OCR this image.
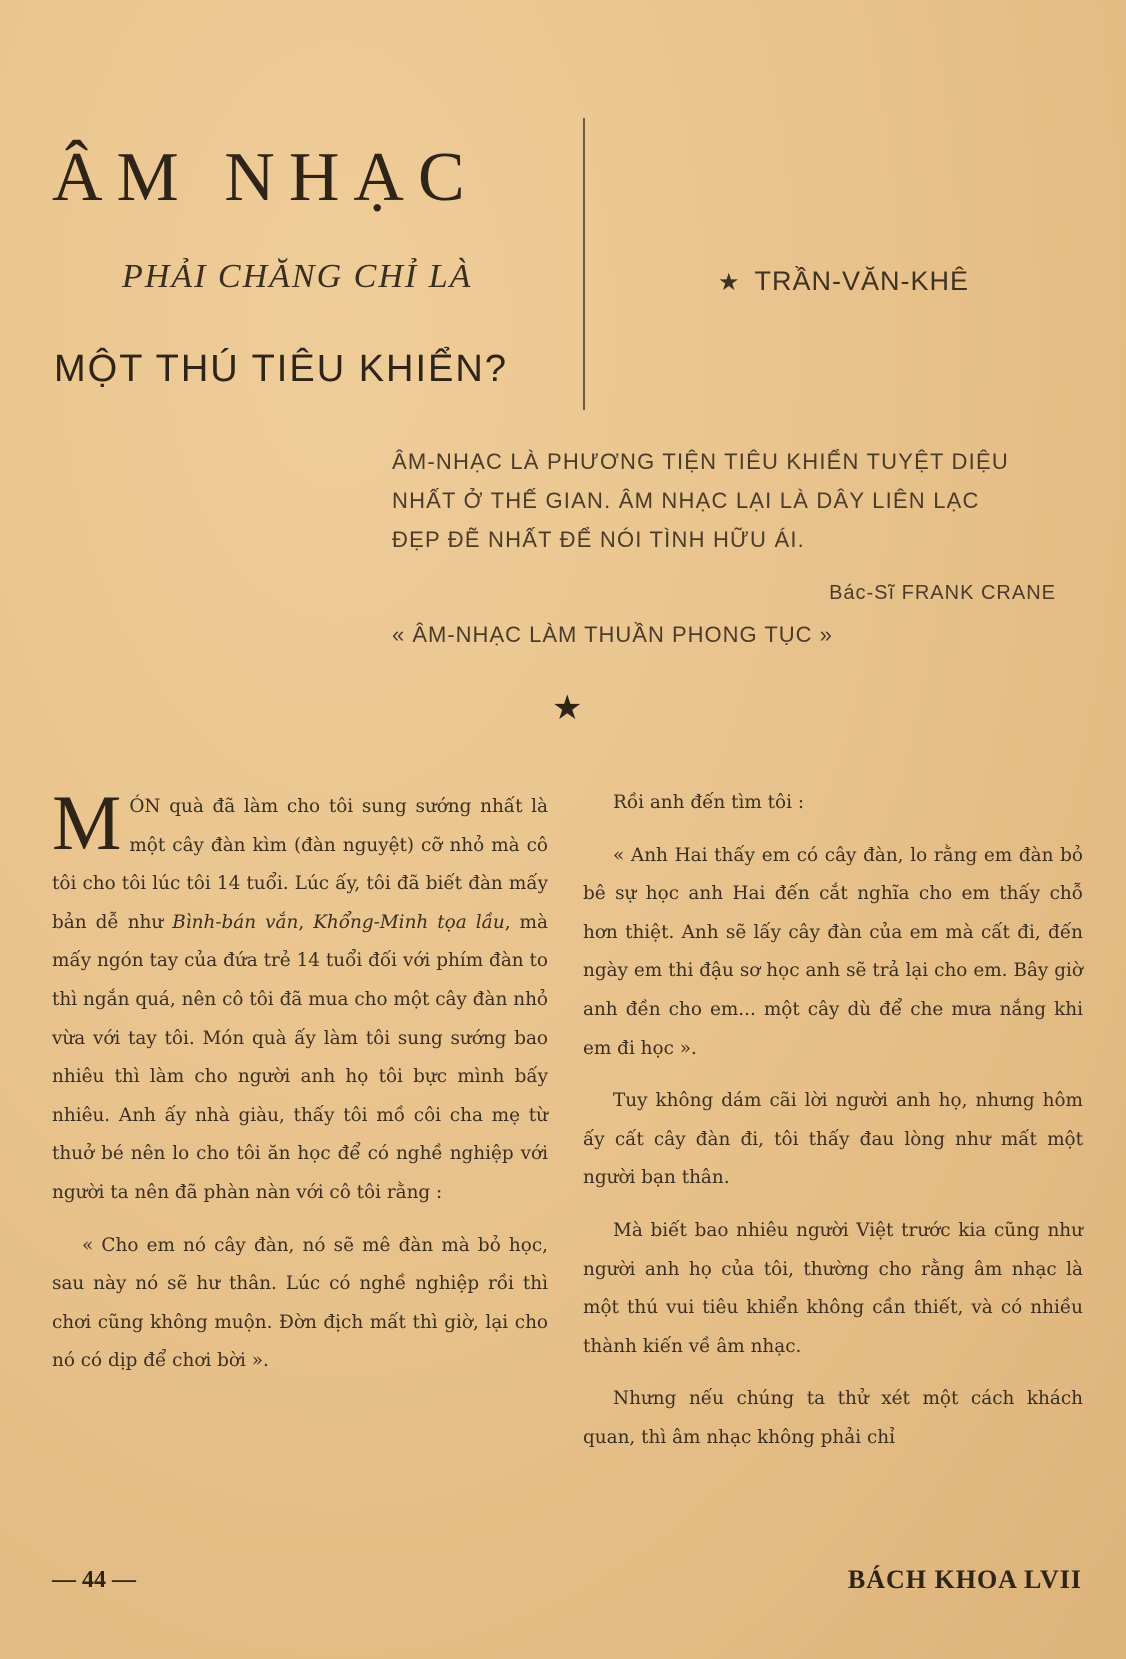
ÂM NHẠC
PHẢI CHĂNG CHỈ LÀ
MỘT THÚ TIÊU KHIỂN?
★ TRẦN-VĂN-KHÊ

ÂM-NHẠC LÀ PHƯƠNG TIỆN TIÊU KHIỂN TUYỆT DIỆU

NHẤT Ở THẾ GIAN. ÂM NHẠC LẠI LÀ DÂY LIÊN LẠC

ĐẸP ĐẼ NHẤT ĐỂ NÓI TÌNH HỮU ÁI.

Bác-Sĩ FRANK CRANE
« ÂM-NHẠC LÀM THUẦN PHONG TỤC »
★

MÓN quà đã làm cho tôi sung sướng nhất là một cây đàn kìm (đàn nguyệt) cỡ nhỏ mà cô tôi cho tôi lúc tôi 14 tuổi. Lúc ấy, tôi đã biết đàn mấy bản dễ như Bình-bán vắn, Khổng-Minh tọa lầu, mà mấy ngón tay của đứa trẻ 14 tuổi đối với phím đàn to thì ngắn quá, nên cô tôi đã mua cho một cây đàn nhỏ vừa với tay tôi. Món quà ấy làm tôi sung sướng bao nhiêu thì làm cho người anh họ tôi bực mình bấy nhiêu. Anh ấy nhà giàu, thấy tôi mồ côi cha mẹ từ thuở bé nên lo cho tôi ăn học để có nghề nghiệp với người ta nên đã phàn nàn với cô tôi rằng :

« Cho em nó cây đàn, nó sẽ mê đàn mà bỏ học, sau này nó sẽ hư thân. Lúc có nghề nghiệp rồi thì chơi cũng không muộn. Đờn địch mất thì giờ, lại cho nó có dịp để chơi bời ».

Rồi anh đến tìm tôi :

« Anh Hai thấy em có cây đàn, lo rằng em đàn bỏ bê sự học anh Hai đến cắt nghĩa cho em thấy chỗ hơn thiệt. Anh sẽ lấy cây đàn của em mà cất đi, đến ngày em thi đậu sơ học anh sẽ trả lại cho em. Bây giờ anh đền cho em... một cây dù để che mưa nắng khi em đi học ».

Tuy không dám cãi lời người anh họ, nhưng hôm ấy cất cây đàn đi, tôi thấy đau lòng như mất một người bạn thân.

Mà biết bao nhiêu người Việt trước kia cũng như người anh họ của tôi, thường cho rằng âm nhạc là một thú vui tiêu khiển không cần thiết, và có nhiều thành kiến về âm nhạc.

Nhưng nếu chúng ta thử xét một cách khách quan, thì âm nhạc không phải chỉ

— 44 —	BÁCH KHOA LVII
